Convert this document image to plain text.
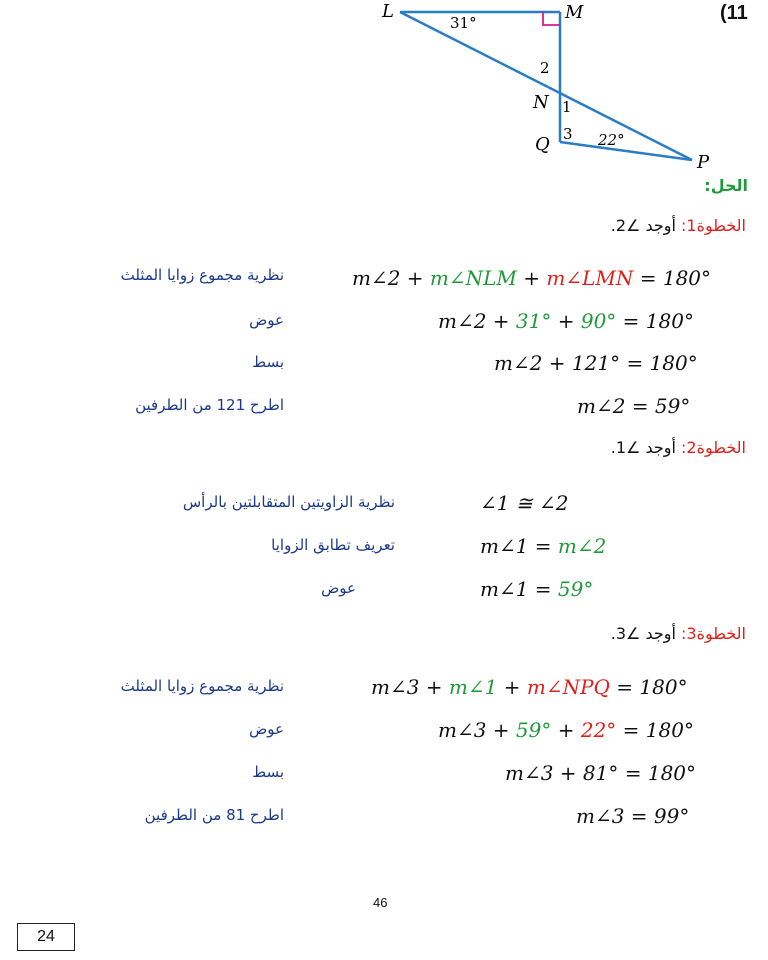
(11
L	M
N
Q
P
31°
22°
2
1
3
الحل:
الخطوة1: أوجد ∠2.
m∠2 + m∠NLM + m∠LMN = 180°
نظرية مجموع زوايا المثلث
m∠2 + 31° + 90° = 180°
عوض
m∠2 + 121° = 180°
بسط
m∠2 = 59°
اطرح 121 من الطرفين
الخطوة2: أوجد ∠1.
∠1 ≅ ∠2
نظرية الزاويتين المتقابلتين بالرأس
m∠1 = m∠2
تعريف تطابق الزوايا
m∠1 = 59°
عوض
الخطوة3: أوجد ∠3.
m∠3 + m∠1 + m∠NPQ = 180°
نظرية مجموع زوايا المثلث
m∠3 + 59° + 22° = 180°
عوض
m∠3 + 81° = 180°
بسط
m∠3 = 99°
اطرح 81 من الطرفين
46
24
